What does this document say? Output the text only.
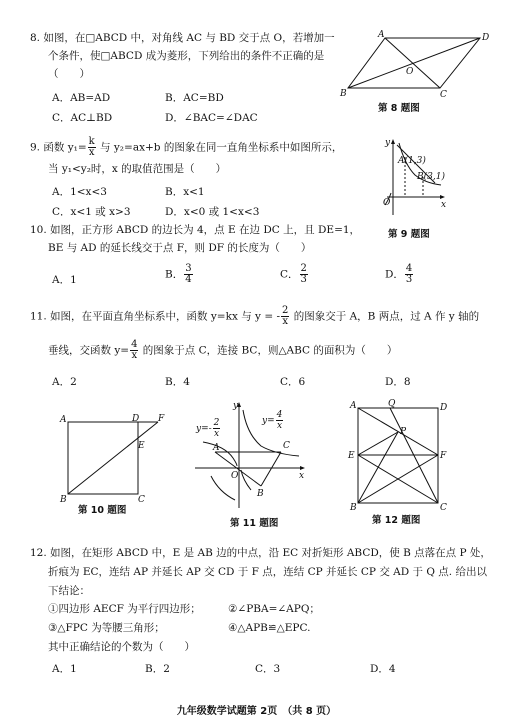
8. 如图，在□ABCD 中，对角线 AC 与 BD 交于点 O，若增加一
个条件，使□ABCD 成为菱形，下列给出的条件不正确的是
（　　）
A．AB=AD	B．AC=BD
C．AC⊥BD	D．∠BAC=∠DAC
A	D
B	C
O
第 8 题图
9. 函数 $y_1= \frac{k}{x}$ 与 y₂=ax+b 的图象在同一直角坐标系中如图所示，
当 y₁<y₂时，x 的取值范围是（　　）
A．1<x<3	B．x<1
C．x<1 或 x>3	D．x<0 或 1<x<3
y
x
O
A(1,3)
B(3,1)
第 9 题图
10. 如图，正方形 ABCD 的边长为 4，点 E 在边 DC 上，且 DE=1，
BE 与 AD 的延长线交于点 F，则 DF 的长度为（　　）
A．1	B． $\frac{3}{4}$	C． $\frac{2}{3}$	D． $\frac{4}{3}$
11. 如图，在平面直角坐标系中，函数 y=kx 与 y = - $\frac{2}{x}$ 的图象交于 A，B 两点，过 A 作 y 轴的
垂线，交函数 $y= \frac{4}{x}$ 的图象于点 C，连接 BC，则△ABC 的面积为（　　）
A．2	B．4	C．6	D．8
A	D F
E
B	C
第 10 题图
y
x
O
A	C
B
$y=- \frac{2}{x}$	$y= \frac{4}{x}$
第 11 题图
A	Q	D
P
E	F
B	C
第 12 题图
12. 如图，在矩形 ABCD 中，E 是 AB 边的中点，沿 EC 对折矩形 ABCD，使 B 点落在点 P 处，
折痕为 EC，连结 AP 并延长 AP 交 CD 于 F 点，连结 CP 并延长 CP 交 AD 于 Q 点. 给出以
下结论：
①四边形 AECF 为平行四边形；	②∠PBA=∠APQ；
③△FPC 为等腰三角形；	④△APB≌△EPC.
其中正确结论的个数为（　　）
A．1	B．2	C．3	D．4
九年级数学试题第 2页　（共 8 页）
